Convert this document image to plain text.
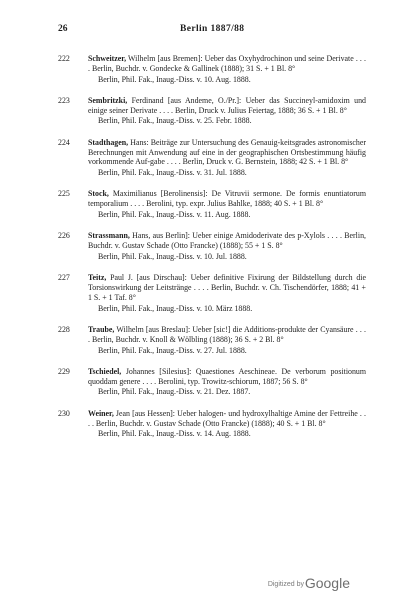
26	Berlin 1887/88
222 Schweitzer, Wilhelm [aus Bremen]: Ueber das Oxyhydrochinon und seine Derivate . . . . Berlin, Buchdr. v. Gondecke & Gallinek (1888); 31 S. + 1 Bl. 8°
Berlin, Phil. Fak., Inaug.-Diss. v. 10. Aug. 1888.
223 Sembritzki, Ferdinand [aus Andeme, O./Pr.]: Ueber das Succineyl-amidoxim und einige seiner Derivate . . . . Berlin, Druck v. Julius Feiertag, 1888; 36 S. + 1 Bl. 8°
Berlin, Phil. Fak., Inaug.-Diss. v. 25. Febr. 1888.
224 Stadthagen, Hans: Beiträge zur Untersuchung des Genauig-keitsgrades astronomischer Berechnungen mit Anwendung auf eine in der geographischen Ortsbestimmung häufig vorkommende Auf-gabe . . . . Berlin, Druck v. G. Bernstein, 1888; 42 S. + 1 Bl. 8°
Berlin, Phil. Fak., Inaug.-Diss. v. 31. Jul. 1888.
225 Stock, Maximilianus [Berolinensis]: De Vitruvii sermone. De formis enuntiatorum temporalium . . . . Berolini, typ. expr. Julius Bahlke, 1888; 40 S. + 1 Bl. 8°
Berlin, Phil. Fak., Inaug.-Diss. v. 11. Aug. 1888.
226 Strassmann, Hans, aus Berlin]: Ueber einige Amidoderivate des p-Xylols . . . . Berlin, Buchdr. v. Gustav Schade (Otto Francke) (1888); 55 + 1 S. 8°
Berlin, Phil. Fak., Inaug.-Diss. v. 10. Jul. 1888.
227 Teitz, Paul J. [aus Dirschau]: Ueber definitive Fixirung der Bildstellung durch die Torsionswirkung der Leitstränge . . . . Berlin, Buchdr. v. Ch. Tischendörfer, 1888; 41 + 1 S. + 1 Taf. 8°
Berlin, Phil. Fak., Inaug.-Diss. v. 10. März 1888.
228 Traube, Wilhelm [aus Breslau]: Ueber [sic!] die Additions-produkte der Cyansäure . . . . Berlin, Buchdr. v. Knoll & Wölbling (1888); 36 S. + 2 Bl. 8°
Berlin, Phil. Fak., Inaug.-Diss. v. 27. Jul. 1888.
229 Tschiedel, Johannes [Silesius]: Quaestiones Aeschineae. De verborum positionum quoddam genere . . . . Berolini, typ. Trowitz-schiorum, 1887; 56 S. 8°
Berlin, Phil. Fak., Inaug.-Diss. v. 21. Dez. 1887.
230 Weiner, Jean [aus Hessen]: Ueber halogen- und hydroxylhaltige Amine der Fettreihe . . . . Berlin, Buchdr. v. Gustav Schade (Otto Francke) (1888); 40 S. + 1 Bl. 8°
Berlin, Phil. Fak., Inaug.-Diss. v. 14. Aug. 1888.
Digitized by Google
